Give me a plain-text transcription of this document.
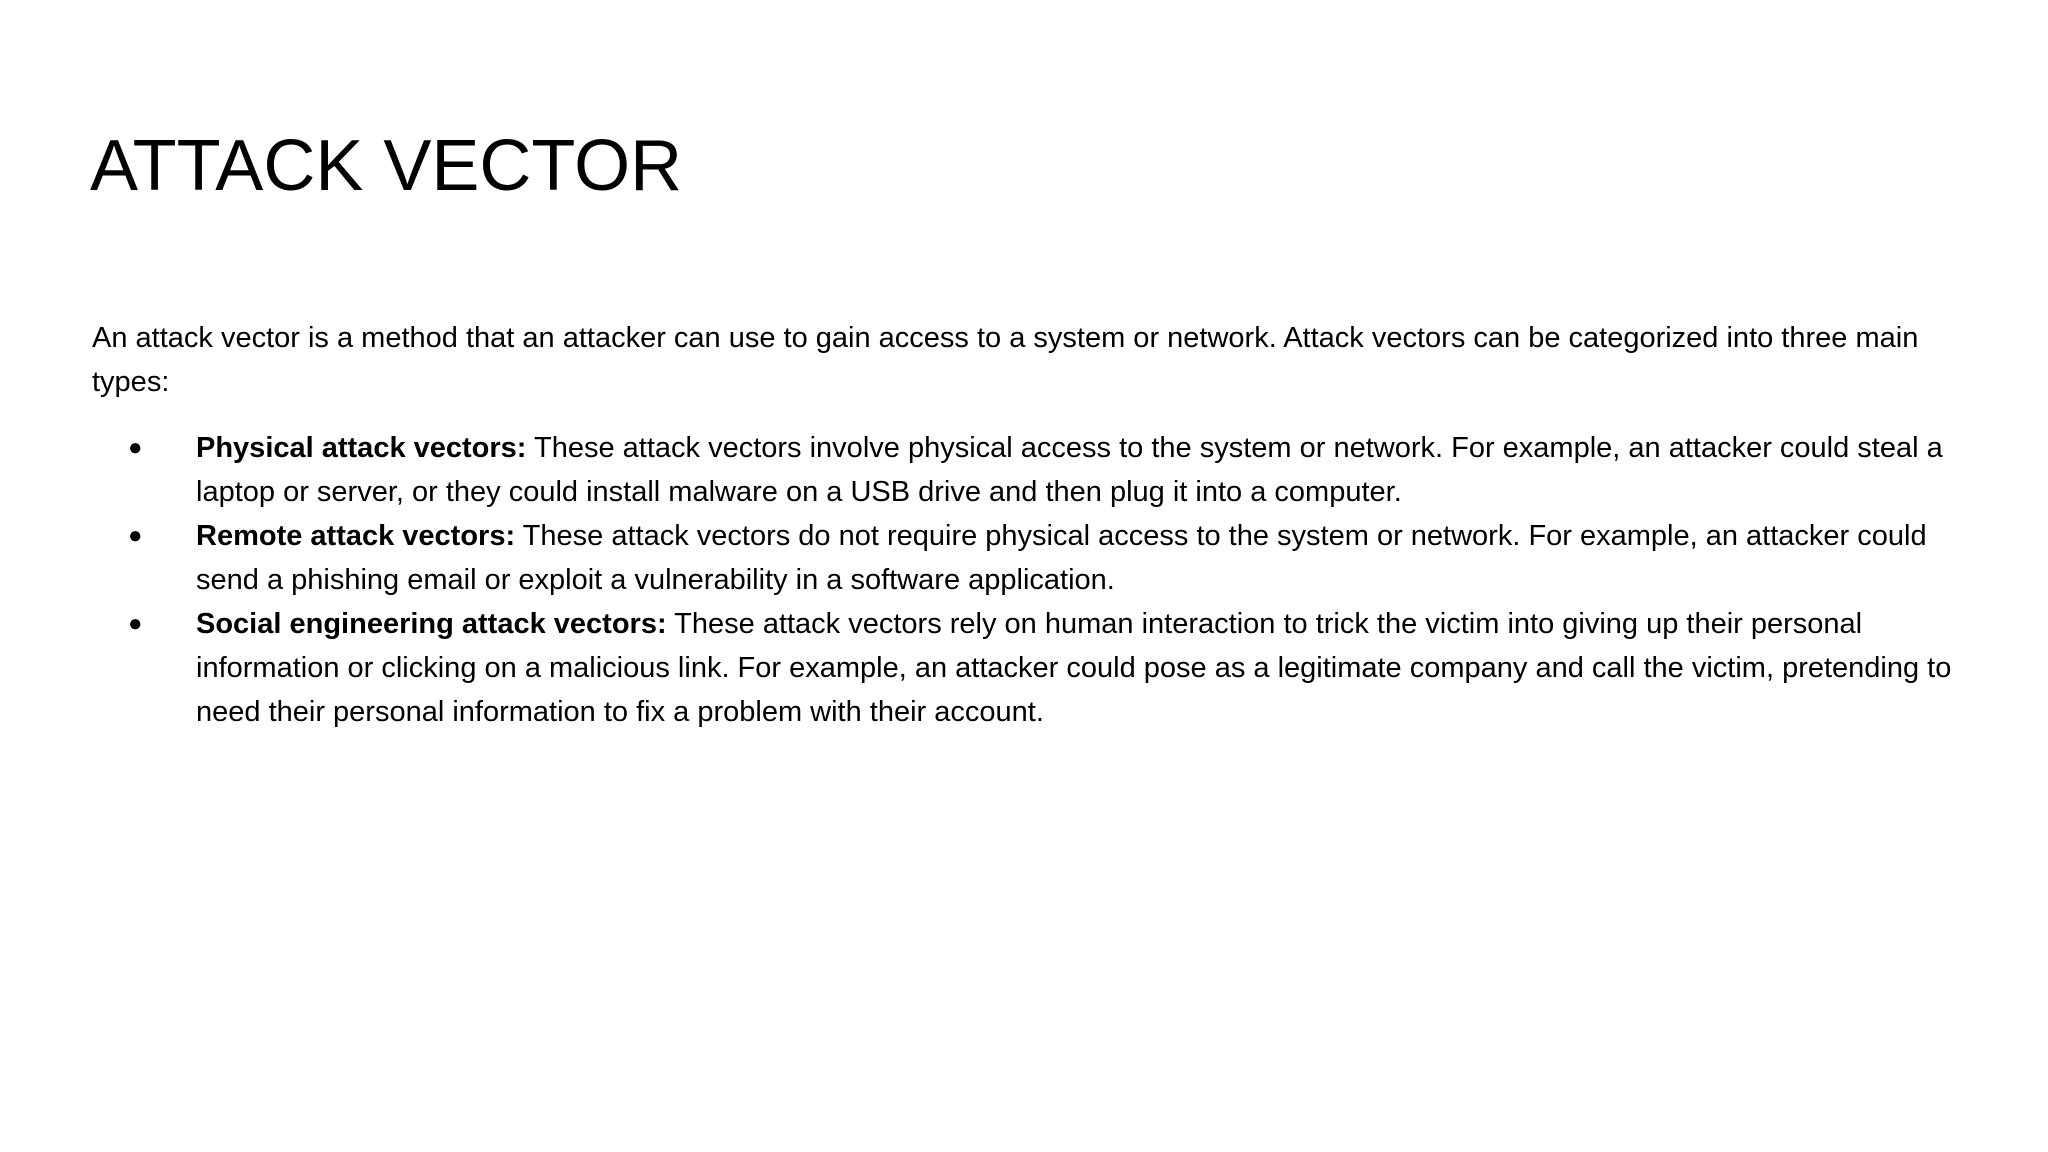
ATTACK VECTOR

An attack vector is a method that an attacker can use to gain access to a system or network. Attack vectors can be categorized into three main types:

● Physical attack vectors: These attack vectors involve physical access to the system or network. For example, an attacker could steal a laptop or server, or they could install malware on a USB drive and then plug it into a computer.
● Remote attack vectors: These attack vectors do not require physical access to the system or network. For example, an attacker could send a phishing email or exploit a vulnerability in a software application.
● Social engineering attack vectors: These attack vectors rely on human interaction to trick the victim into giving up their personal information or clicking on a malicious link. For example, an attacker could pose as a legitimate company and call the victim, pretending to need their personal information to fix a problem with their account.
